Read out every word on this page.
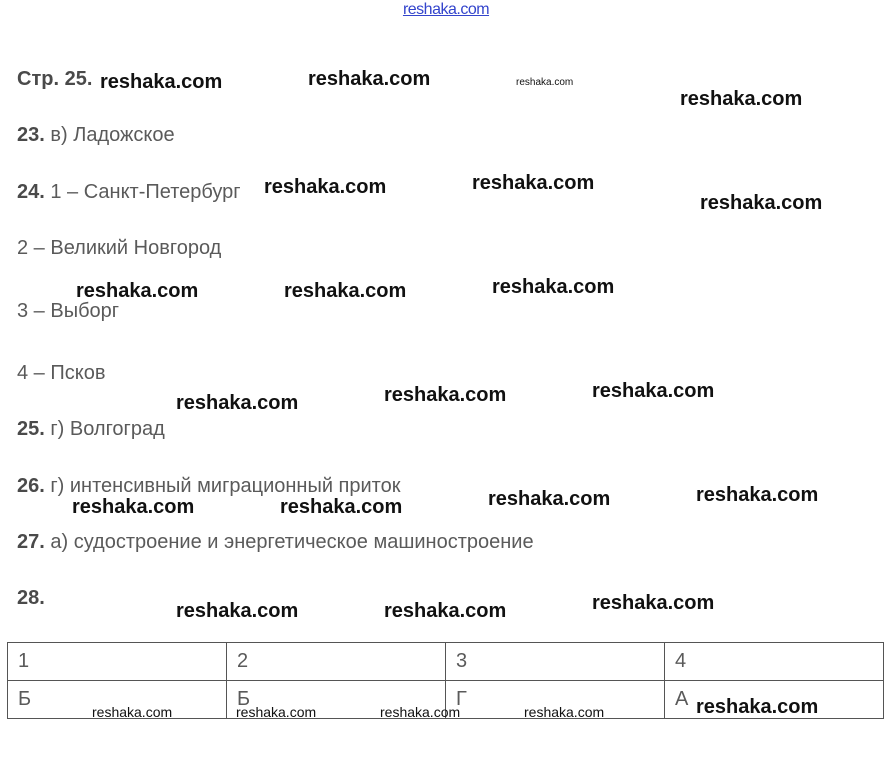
reshaka.com
Стр. 25.
23. в) Ладожское
24. 1 – Санкт-Петербург
2 – Великий Новгород
3 – Выборг
4 – Псков
25. г) Волгоград
26. г) интенсивный миграционный приток
27. а) судостроение и энергетическое машиностроение
28.
1	2	3	4
Б	Б	Г	А
reshaka.com	reshaka.com	reshaka.com
reshaka.com
reshaka.com	reshaka.com
reshaka.com
reshaka.com	reshaka.com	reshaka.com
reshaka.com	reshaka.com	reshaka.com
reshaka.com	reshaka.com
reshaka.com	reshaka.com
reshaka.com	reshaka.com	reshaka.com
reshaka.com	reshaka.com	reshaka.com	reshaka.com	reshaka.com
